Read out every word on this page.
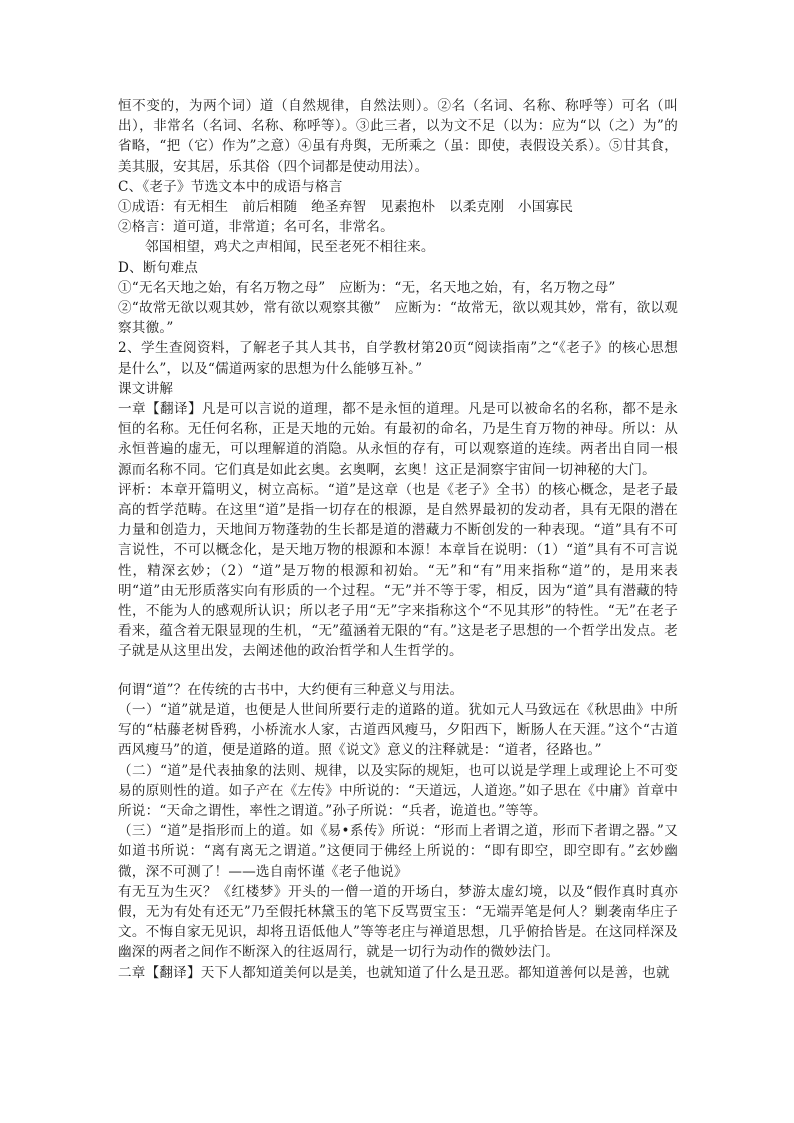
恒不变的，为两个词）道（自然规律，自然法则）。②名（名词、名称、称呼等）可名（叫出），非常名（名词、名称、称呼等）。③此三者，以为文不足（以为：应为“以（之）为”的省略，“把（它）作为”之意）④虽有舟舆，无所乘之（虽：即使，表假设关系）。⑤甘其食，美其服，安其居，乐其俗（四个词都是使动用法）。

C、《老子》节选文本中的成语与格言

①成语：有无相生　前后相随　绝圣弃智　见素抱朴　以柔克刚　小国寡民

②格言：道可道，非常道；名可名，非常名。

邻国相望，鸡犬之声相闻，民至老死不相往来。

D、断句难点

①“无名天地之始，有名万物之母”　应断为：“无，名天地之始，有，名万物之母”

②“故常无欲以观其妙，常有欲以观察其徼”　应断为：“故常无，欲以观其妙，常有，欲以观察其徼。”

2、学生查阅资料，了解老子其人其书，自学教材第20页“阅读指南”之“《老子》的核心思想是什么”，以及“儒道两家的思想为什么能够互补。”

课文讲解

一章【翻译】凡是可以言说的道理，都不是永恒的道理。凡是可以被命名的名称，都不是永恒的名称。无任何名称，正是天地的元始。有最初的命名，乃是生育万物的神母。所以：从永恒普遍的虚无，可以理解道的消隐。从永恒的存有，可以观察道的连续。两者出自同一根源而名称不同。它们真是如此玄奥。玄奥啊，玄奥！这正是洞察宇宙间一切神秘的大门。

评析：本章开篇明义，树立高标。“道”是这章（也是《老子》全书）的核心概念，是老子最高的哲学范畴。在这里“道”是指一切存在的根源，是自然界最初的发动者，具有无限的潜在力量和创造力，天地间万物蓬勃的生长都是道的潜藏力不断创发的一种表现。“道”具有不可言说性，不可以概念化，是天地万物的根源和本源！本章旨在说明：（1）“道”具有不可言说性，精深玄妙；（2）“道”是万物的根源和初始。“无”和“有”用来指称“道”的，是用来表明“道”由无形质落实向有形质的一个过程。“无”并不等于零，相反，因为“道”具有潜藏的特性，不能为人的感观所认识；所以老子用“无”字来指称这个“不见其形”的特性。“无”在老子看来，蕴含着无限显现的生机，“无”蕴涵着无限的“有。”这是老子思想的一个哲学出发点。老子就是从这里出发，去阐述他的政治哲学和人生哲学的。

何谓“道”？在传统的古书中，大约便有三种意义与用法。

（一）“道”就是道，也便是人世间所要行走的道路的道。犹如元人马致远在《秋思曲》中所写的“枯藤老树昏鸦，小桥流水人家，古道西风瘦马，夕阳西下，断肠人在天涯。”这个“古道西风瘦马”的道，便是道路的道。照《说文》意义的注释就是：“道者，径路也。”

（二）“道”是代表抽象的法则、规律，以及实际的规矩，也可以说是学理上或理论上不可变易的原则性的道。如子产在《左传》中所说的：“天道远，人道迩。”如子思在《中庸》首章中所说：“天命之谓性，率性之谓道。”孙子所说：“兵者，诡道也。”等等。

（三）“道”是指形而上的道。如《易•系传》所说：“形而上者谓之道，形而下者谓之器。”又如道书所说：“离有离无之谓道。”这便同于佛经上所说的：“即有即空，即空即有。”玄妙幽微，深不可测了！——选自南怀谨《老子他说》

有无互为生灭？《红楼梦》开头的一僧一道的开场白，梦游太虚幻境，以及“假作真时真亦假，无为有处有还无”乃至假托林黛玉的笔下反骂贾宝玉：“无端弄笔是何人？剿袭南华庄子文。不悔自家无见识，却将丑语低他人”等等老庄与禅道思想，几乎俯拾皆是。在这同样深及幽深的两者之间作不断深入的往返周行，就是一切行为动作的微妙法门。

二章【翻译】天下人都知道美何以是美，也就知道了什么是丑恶。都知道善何以是善，也就
